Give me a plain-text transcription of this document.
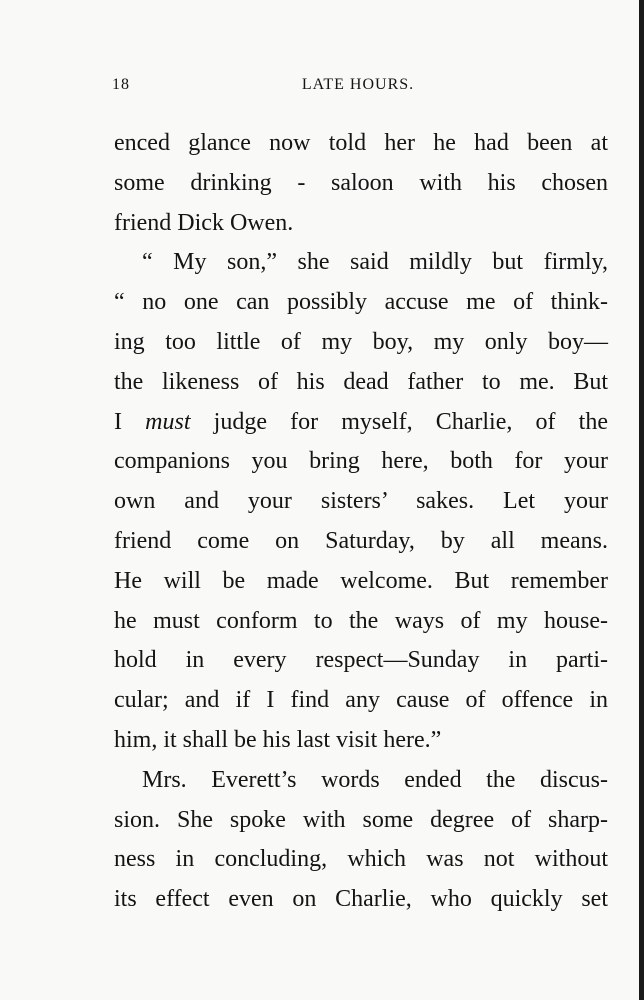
18	LATE HOURS.
enced glance now told her he had been at
some drinking - saloon with his chosen
friend Dick Owen.
“ My son,” she said mildly but firmly,
“ no one can possibly accuse me of think-
ing too little of my boy, my only boy—
the likeness of his dead father to me. But
I must judge for myself, Charlie, of the
companions you bring here, both for your
own and your sisters’ sakes. Let your
friend come on Saturday, by all means.
He will be made welcome. But remember
he must conform to the ways of my house-
hold in every respect—Sunday in parti-
cular; and if I find any cause of offence in
him, it shall be his last visit here.”
Mrs. Everett’s words ended the discus-
sion. She spoke with some degree of sharp-
ness in concluding, which was not without
its effect even on Charlie, who quickly set
